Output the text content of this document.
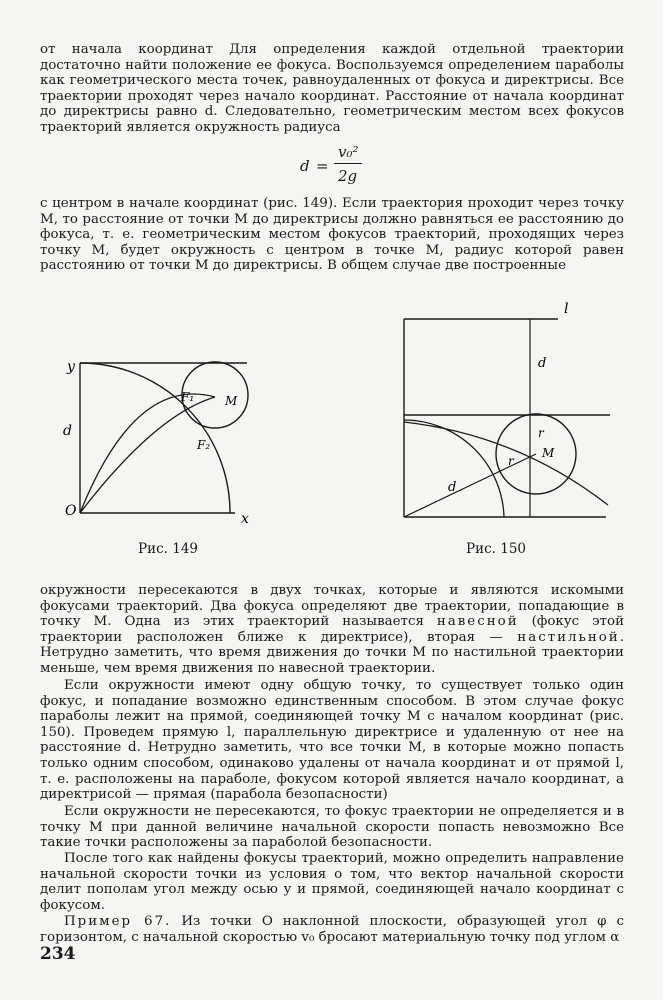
от начала координат Для определения каждой отдельной траектории достаточно найти положение ее фокуса. Воспользуемся определением параболы как геометрического места точек, равноудаленных от фокуса и директрисы. Все траектории проходят через начало координат. Расстояние от начала координат до директрисы равно d. Следовательно, геометрическим местом всех фокусов траекторий является окружность радиуса

d =
v₀²
2g

с центром в начале координат (рис. 149). Если траектория проходит через точку M, то расстояние от точки M до директрисы должно равняться ее расстоянию до фокуса, т. е. геометрическим местом фокусов траекторий, проходящих через точку M, будет окружность с центром в точке M, радиус которой равен расстоянию от точки M до директрисы. В общем случае две построенные

y
d
O	x
F₁
F₂
M
Рис. 149
l
d
r
r
M
d
Рис. 150

окружности пересекаются в двух точках, которые и являются искомыми фокусами траекторий. Два фокуса определяют две траектории, попадающие в точку M. Одна из этих траекторий называется навесной (фокус этой траектории расположен ближе к директрисе), вторая — настильной. Нетрудно заметить, что время движения до точки M по настильной траектории меньше, чем время движения по навесной траектории.

Если окружности имеют одну общую точку, то существует только один фокус, и попадание возможно единственным способом. В этом случае фокус параболы лежит на прямой, соединяющей точку M с началом координат (рис. 150). Проведем прямую l, параллельную директрисе и удаленную от нее на расстояние d. Нетрудно заметить, что все точки M, в которые можно попасть только одним способом, одинаково удалены от начала координат и от прямой l, т. е. расположены на параболе, фокусом которой является начало координат, а директрисой — прямая (парабола безопасности)

Если окружности не пересекаются, то фокус траектории не определяется и в точку M при данной величине начальной скорости попасть невозможно Все такие точки расположены за параболой безопасности.

После того как найдены фокусы траекторий, можно определить направление начальной скорости точки из условия о том, что вектор начальной скорости делит пополам угол между осью y и прямой, соединяющей начало координат с фокусом.

Пример 67. Из точки O наклонной плоскости, образующей угол φ с горизонтом, с начальной скоростью v₀ бросают материальную точку под углом α

234
